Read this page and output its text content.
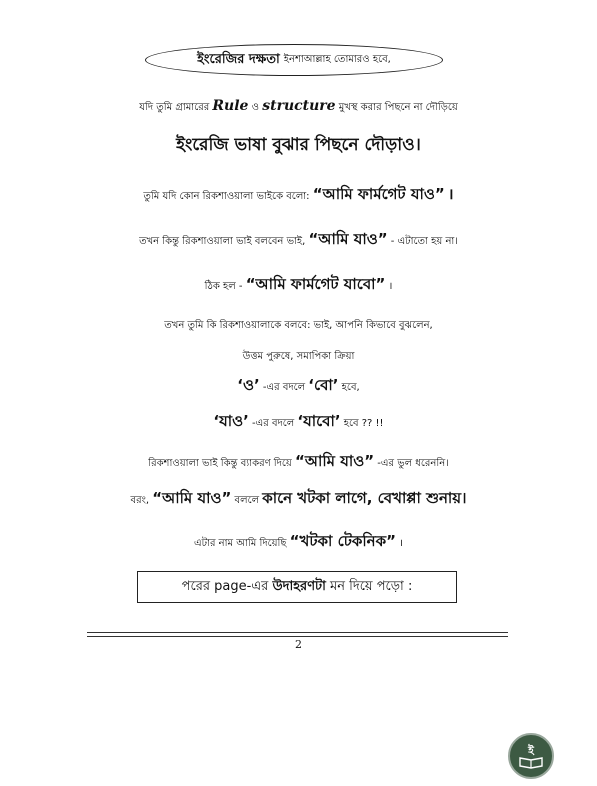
ইংরেজির দক্ষতা ইনশাআল্লাহ তোমারও হবে,
যদি তুমি গ্রামারের Rule ও structure মুখস্থ করার পিছনে না দৌড়িয়ে
ইংরেজি ভাষা বুঝার পিছনে দৌড়াও।
তুমি যদি কোন রিকশাওয়ালা ভাইকে বলো: “আমি ফার্মগেট যাও” ।
তখন কিন্তু রিকশাওয়ালা ভাই বলবেন ভাই, “আমি যাও” - এটাতো হয় না।
ঠিক হল - “আমি ফার্মগেট যাবো” ।
তখন তুমি কি রিকশাওয়ালাকে বলবে: ভাই, আপনি কিভাবে বুঝলেন,
উত্তম পুরুষে, সমাপিকা ক্রিয়া
‘ও’ -এর বদলে ‘বো’ হবে,
‘যাও’ -এর বদলে ‘যাবো’ হবে ?? !!
রিকশাওয়ালা ভাই কিন্তু ব্যাকরণ দিয়ে “আমি যাও” -এর ভুল ধরেননি।
বরং, “আমি যাও” বললে কানে খটকা লাগে, বেখাপ্পা শুনায়।
এটার নাম আমি দিয়েছি “খটকা টেকনিক” ।
পরের page-এর
উদাহরণটা
মন দিয়ে পড়ো :
2
ই
